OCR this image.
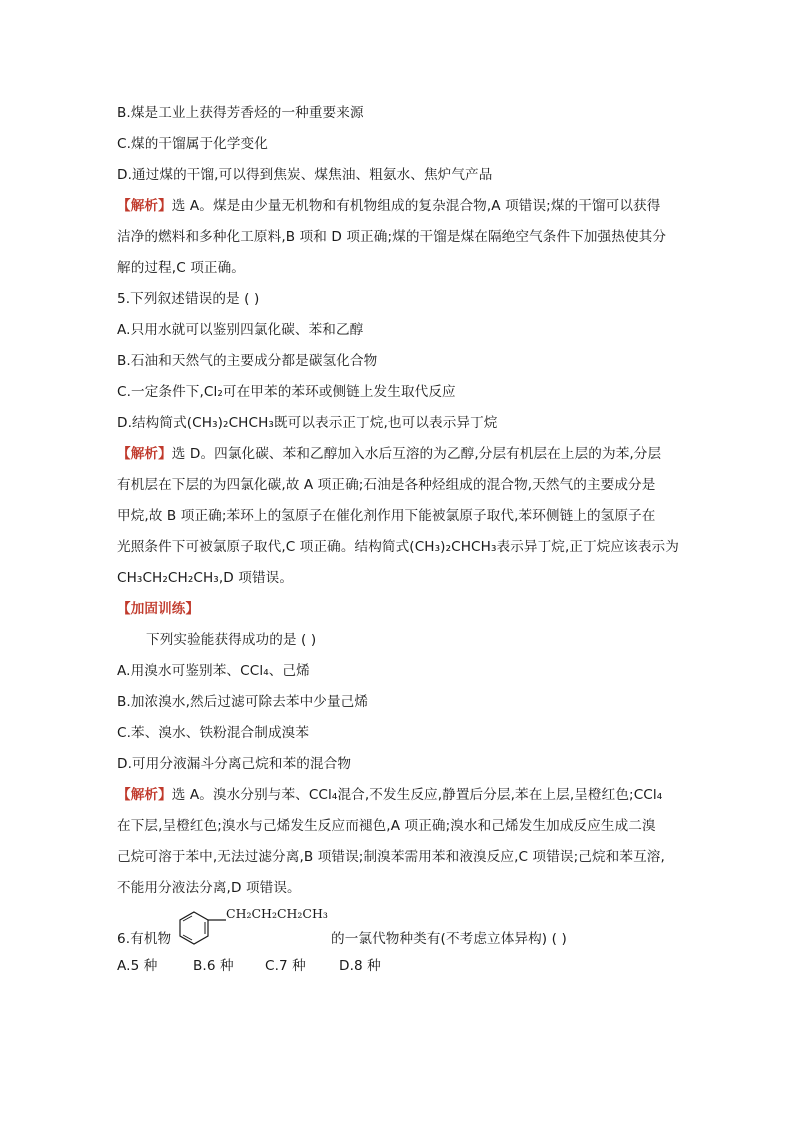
B.煤是工业上获得芳香烃的一种重要来源
C.煤的干馏属于化学变化
D.通过煤的干馏,可以得到焦炭、煤焦油、粗氨水、焦炉气产品
【解析】选 A。煤是由少量无机物和有机物组成的复杂混合物,A 项错误;煤的干馏可以获得
洁净的燃料和多种化工原料,B 项和 D 项正确;煤的干馏是煤在隔绝空气条件下加强热使其分
解的过程,C 项正确。
5.下列叙述错误的是 ( )
A.只用水就可以鉴别四氯化碳、苯和乙醇
B.石油和天然气的主要成分都是碳氢化合物
C.一定条件下,Cl₂可在甲苯的苯环或侧链上发生取代反应
D.结构简式(CH₃)₂CHCH₃既可以表示正丁烷,也可以表示异丁烷
【解析】选 D。四氯化碳、苯和乙醇加入水后互溶的为乙醇,分层有机层在上层的为苯,分层
有机层在下层的为四氯化碳,故 A 项正确;石油是各种烃组成的混合物,天然气的主要成分是
甲烷,故 B 项正确;苯环上的氢原子在催化剂作用下能被氯原子取代,苯环侧链上的氢原子在
光照条件下可被氯原子取代,C 项正确。结构简式(CH₃)₂CHCH₃表示异丁烷,正丁烷应该表示为
CH₃CH₂CH₂CH₃,D 项错误。
【加固训练】
下列实验能获得成功的是 ( )
A.用溴水可鉴别苯、CCl₄、己烯
B.加浓溴水,然后过滤可除去苯中少量己烯
C.苯、溴水、铁粉混合制成溴苯
D.可用分液漏斗分离己烷和苯的混合物
【解析】选 A。溴水分别与苯、CCl₄混合,不发生反应,静置后分层,苯在上层,呈橙红色;CCl₄
在下层,呈橙红色;溴水与己烯发生反应而褪色,A 项正确;溴水和己烯发生加成反应生成二溴
己烷可溶于苯中,无法过滤分离,B 项错误;制溴苯需用苯和液溴反应,C 项错误;己烷和苯互溶,
不能用分液法分离,D 项错误。
6.有机物
CH₂CH₂CH₂CH₃
的一氯代物种类有(不考虑立体异构) ( )
A.5 种	B.6 种 C.7 种 D.8 种
